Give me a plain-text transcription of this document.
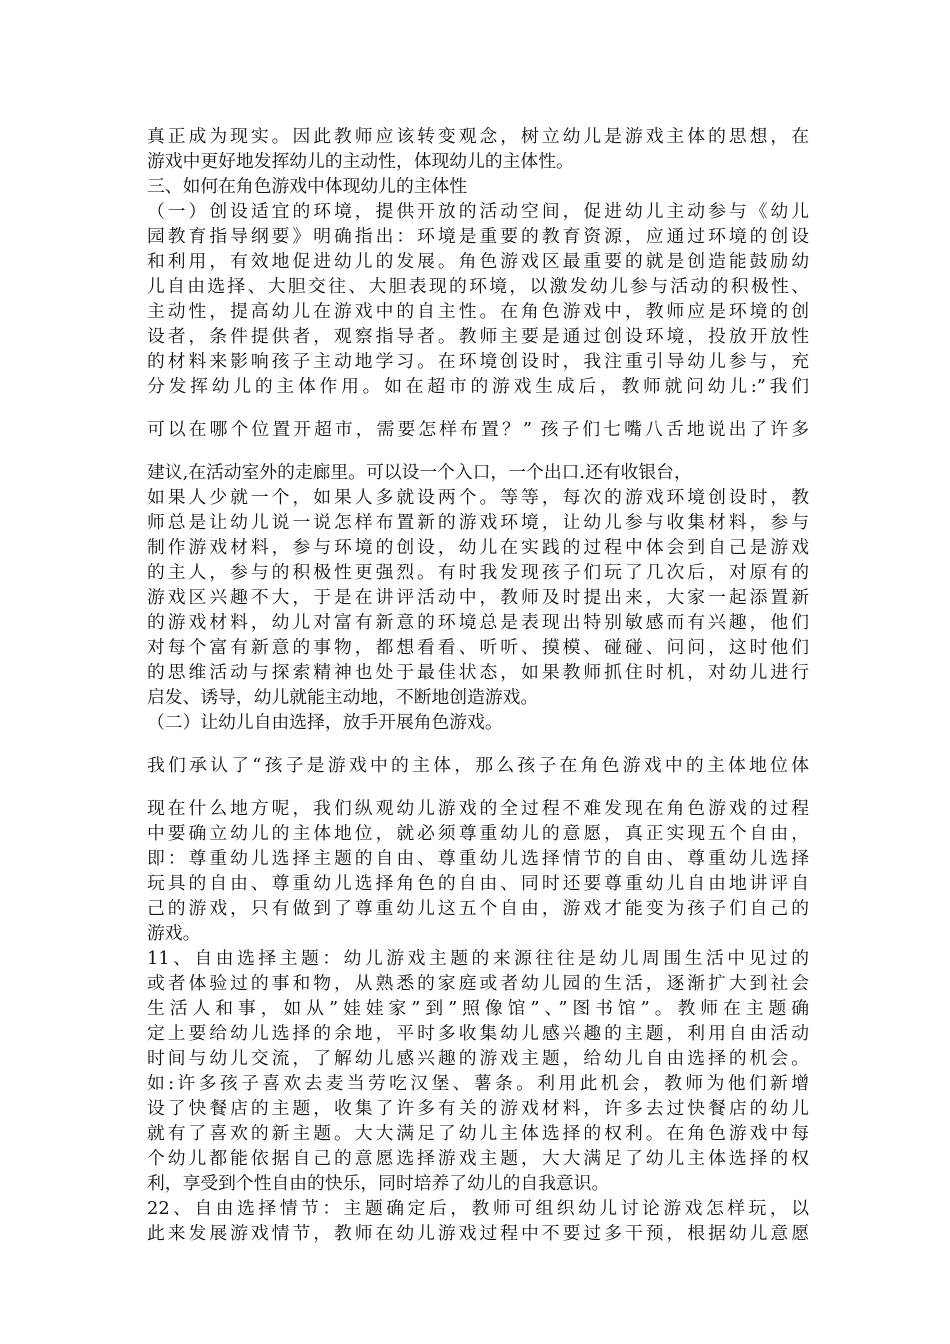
真正成为现实。因此教师应该转变观念，树立幼儿是游戏主体的思想，在
游戏中更好地发挥幼儿的主动性，体现幼儿的主体性。
三、如何在角色游戏中体现幼儿的主体性
（一）创设适宜的环境，提供开放的活动空间，促进幼儿主动参与《幼儿
园教育指导纲要》明确指出：环境是重要的教育资源，应通过环境的创设
和利用，有效地促进幼儿的发展。角色游戏区最重要的就是创造能鼓励幼
儿自由选择、大胆交往、大胆表现的环境，以激发幼儿参与活动的积极性、
主动性，提高幼儿在游戏中的自主性。在角色游戏中，教师应是环境的创
设者，条件提供者，观察指导者。教师主要是通过创设环境，投放开放性
的材料来影响孩子主动地学习。在环境创设时，我注重引导幼儿参与，充
分发挥幼儿的主体作用。如在超市的游戏生成后，教师就问幼儿:”我们
可以在哪个位置开超市，需要怎样布置？” 孩子们七嘴八舌地说出了许多
建议,在活动室外的走廊里。可以设一个入口，一个出口.还有收银台，
如果人少就一个，如果人多就设两个。等等，每次的游戏环境创设时，教
师总是让幼儿说一说怎样布置新的游戏环境，让幼儿参与收集材料，参与
制作游戏材料，参与环境的创设，幼儿在实践的过程中体会到自己是游戏
的主人，参与的积极性更强烈。有时我发现孩子们玩了几次后，对原有的
游戏区兴趣不大，于是在讲评活动中，教师及时提出来，大家一起添置新
的游戏材料，幼儿对富有新意的环境总是表现出特别敏感而有兴趣，他们
对每个富有新意的事物，都想看看、听听、摸模、碰碰、问问，这时他们
的思维活动与探索精神也处于最佳状态，如果教师抓住时机，对幼儿进行
启发、诱导，幼儿就能主动地，不断地创造游戏。
（二）让幼儿自由选择，放手开展角色游戏。
我们承认了“孩子是游戏中的主体，那么孩子在角色游戏中的主体地位体
现在什么地方呢，我们纵观幼儿游戏的全过程不难发现在角色游戏的过程
中要确立幼儿的主体地位，就必须尊重幼儿的意愿，真正实现五个自由，
即：尊重幼儿选择主题的自由、尊重幼儿选择情节的自由、尊重幼儿选择
玩具的自由、尊重幼儿选择角色的自由、同时还要尊重幼儿自由地讲评自
己的游戏，只有做到了尊重幼儿这五个自由，游戏才能变为孩子们自己的
游戏。
11、自由选择主题：幼儿游戏主题的来源往往是幼儿周围生活中见过的
或者体验过的事和物，从熟悉的家庭或者幼儿园的生活，逐渐扩大到社会
生活人和事，如从”娃娃家”到”照像馆”、”图书馆”。教师在主题确
定上要给幼儿选择的余地，平时多收集幼儿感兴趣的主题，利用自由活动
时间与幼儿交流，了解幼儿感兴趣的游戏主题，给幼儿自由选择的机会。
如:许多孩子喜欢去麦当劳吃汉堡、薯条。利用此机会，教师为他们新增
设了快餐店的主题，收集了许多有关的游戏材料，许多去过快餐店的幼儿
就有了喜欢的新主题。大大满足了幼儿主体选择的权利。在角色游戏中每
个幼儿都能依据自己的意愿选择游戏主题，大大满足了幼儿主体选择的权
利，享受到个性自由的快乐，同时培养了幼儿的自我意识。
22、自由选择情节：主题确定后，教师可组织幼儿讨论游戏怎样玩，以
此来发展游戏情节，教师在幼儿游戏过程中不要过多干预，根据幼儿意愿
